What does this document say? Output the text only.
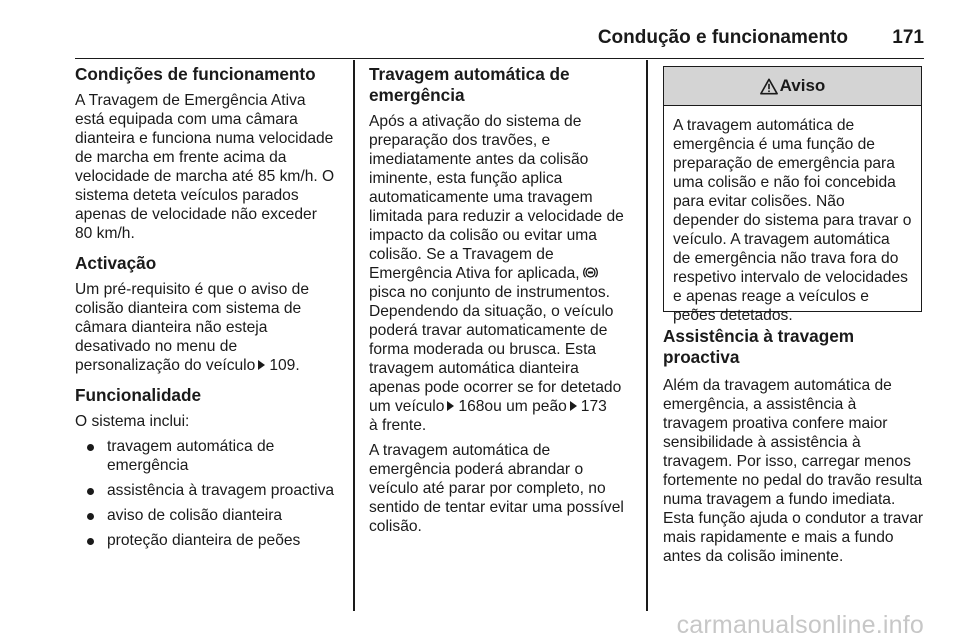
Condução e funcionamento 171
Condições de funcionamento

A Travagem de Emergência Ativa
está equipada com uma câmara
dianteira e funciona numa velocidade
de marcha em frente acima da
velocidade de marcha até 85 km/h. O
sistema deteta veículos parados
apenas de velocidade não exceder
80 km/h.

Activação

Um pré-requisito é que o aviso de
colisão dianteira com sistema de
câmara dianteira não esteja
desativado no menu de
personalização do veículo 109.

Funcionalidade

O sistema inclui:

travagem automática de
emergência
assistência à travagem proactiva
aviso de colisão dianteira
proteção dianteira de peões
Travagem automática de
emergência

Após a ativação do sistema de
preparação dos travões, e
imediatamente antes da colisão
iminente, esta função aplica
automaticamente uma travagem
limitada para reduzir a velocidade de
impacto da colisão ou evitar uma
colisão. Se a Travagem de
Emergência Ativa for aplicada,
pisca no conjunto de instrumentos.
Dependendo da situação, o veículo
poderá travar automaticamente de
forma moderada ou brusca. Esta
travagem automática dianteira
apenas pode ocorrer se for detetado
um veículo 168ou um peão 173
à frente.

A travagem automática de
emergência poderá abrandar o
veículo até parar por completo, no
sentido de tentar evitar uma possível
colisão.

Aviso
A travagem automática de
emergência é uma função de
preparação de emergência para
uma colisão e não foi concebida
para evitar colisões. Não
depender do sistema para travar o
veículo. A travagem automática
de emergência não trava fora do
respetivo intervalo de velocidades
e apenas reage a veículos e
peões detetados.
Assistência à travagem proactiva

Além da travagem automática de
emergência, a assistência à
travagem proativa confere maior
sensibilidade à assistência à
travagem. Por isso, carregar menos
fortemente no pedal do travão resulta
numa travagem a fundo imediata.
Esta função ajuda o condutor a travar
mais rapidamente e mais a fundo
antes da colisão iminente.

carmanualsonline.info
